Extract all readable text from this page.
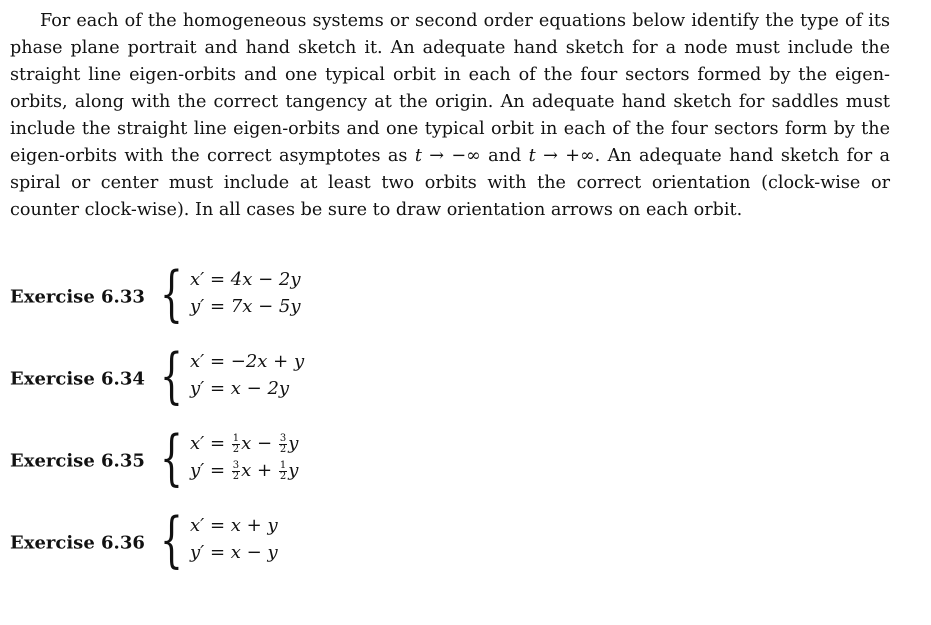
For each of the homogeneous systems or second order equations below identify the type of its phase plane portrait and hand sketch it. An adequate hand sketch for a node must include the straight line eigen-orbits and one typical orbit in each of the four sectors formed by the eigen-orbits, along with the correct tangency at the origin. An adequate hand sketch for saddles must include the straight line eigen-orbits and one typical orbit in each of the four sectors form by the eigen-orbits with the correct asymptotes as t → −∞ and t → +∞. An adequate hand sketch for a spiral or center must include at least two orbits with the correct orientation (clock-wise or counter clock-wise). In all cases be sure to draw orientation arrows on each orbit.

Exercise 6.33 { x′ = 4x − 2y
y′ = 7x − 5y
Exercise 6.34 { x′ = −2x + y
y′ = x − 2y
Exercise 6.35 { $x' = \frac{1}{2}$ $x - \frac{3}{2}$ y
$y' = \frac{3}{2}$ $x + \frac{1}{2}$ y
Exercise 6.36 { x′ = x + y
y′ = x − y
